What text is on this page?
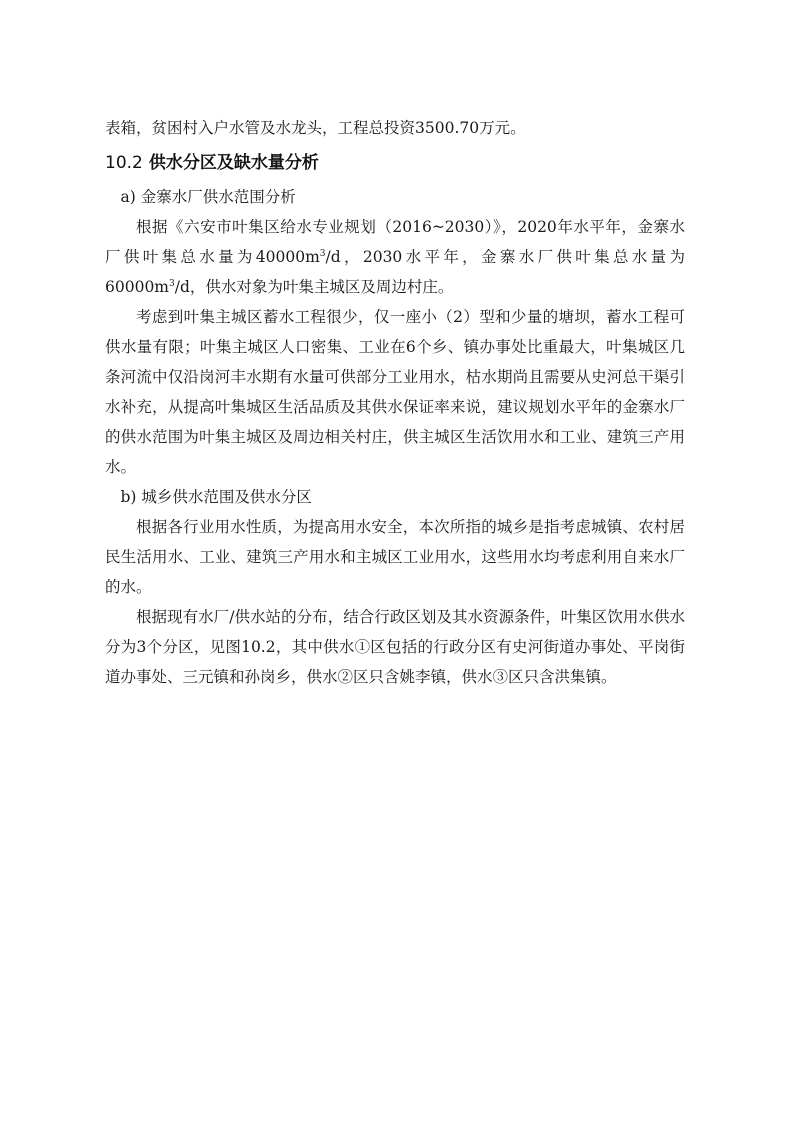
表箱，贫困村入户水管及水龙头，工程总投资3500.70万元。

10.2 供水分区及缺水量分析

a) 金寨水厂供水范围分析

根据《六安市叶集区给水专业规划（2016~2030）》，2020年水平年，金寨水厂供叶集总水量为$40000m^3/d$，2030水平年，金寨水厂供叶集总水量为$60000m^3/d$，供水对象为叶集主城区及周边村庄。

考虑到叶集主城区蓄水工程很少，仅一座小（2）型和少量的塘坝，蓄水工程可供水量有限；叶集主城区人口密集、工业在6个乡、镇办事处比重最大，叶集城区几条河流中仅沿岗河丰水期有水量可供部分工业用水，枯水期尚且需要从史河总干渠引水补充，从提高叶集城区生活品质及其供水保证率来说，建议规划水平年的金寨水厂的供水范围为叶集主城区及周边相关村庄，供主城区生活饮用水和工业、建筑三产用水。

b) 城乡供水范围及供水分区

根据各行业用水性质，为提高用水安全，本次所指的城乡是指考虑城镇、农村居民生活用水、工业、建筑三产用水和主城区工业用水，这些用水均考虑利用自来水厂的水。

根据现有水厂/供水站的分布，结合行政区划及其水资源条件，叶集区饮用水供水分为3个分区，见图10.2，其中供水①区包括的行政分区有史河街道办事处、平岗街道办事处、三元镇和孙岗乡，供水②区只含姚李镇，供水③区只含洪集镇。
